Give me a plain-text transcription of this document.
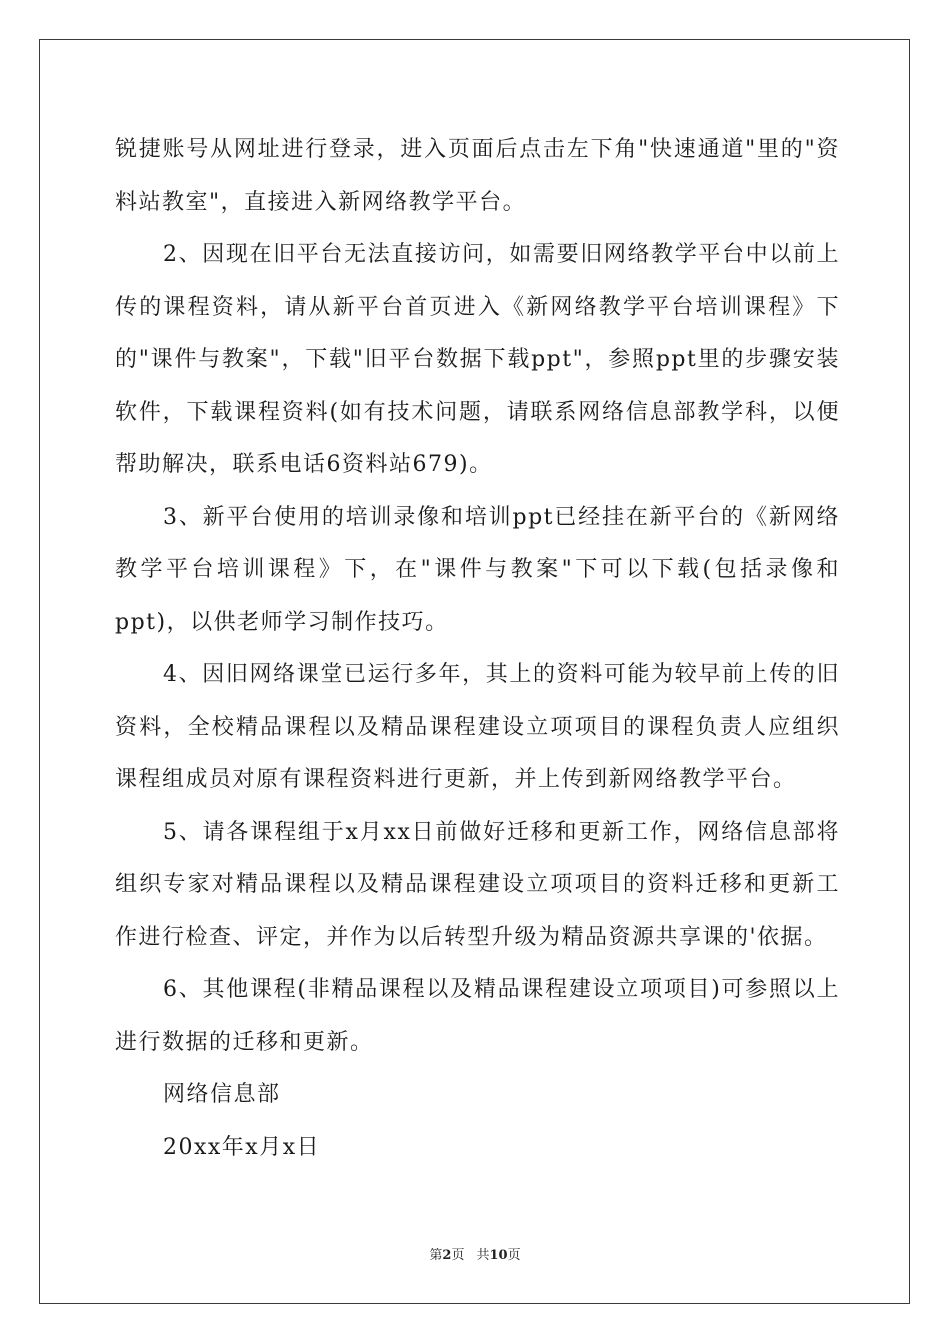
锐捷账号从网址进行登录，进入页面后点击左下角"快速通道"里的"资料站教室"，直接进入新网络教学平台。

2、因现在旧平台无法直接访问，如需要旧网络教学平台中以前上传的课程资料，请从新平台首页进入《新网络教学平台培训课程》下的"课件与教案"，下载"旧平台数据下载ppt"，参照ppt里的步骤安装软件，下载课程资料(如有技术问题，请联系网络信息部教学科，以便帮助解决，联系电话6资料站679)。

3、新平台使用的培训录像和培训ppt已经挂在新平台的《新网络教学平台培训课程》下，在"课件与教案"下可以下载(包括录像和ppt)，以供老师学习制作技巧。

4、因旧网络课堂已运行多年，其上的资料可能为较早前上传的旧资料，全校精品课程以及精品课程建设立项项目的课程负责人应组织课程组成员对原有课程资料进行更新，并上传到新网络教学平台。

5、请各课程组于x月xx日前做好迁移和更新工作，网络信息部将组织专家对精品课程以及精品课程建设立项项目的资料迁移和更新工作进行检查、评定，并作为以后转型升级为精品资源共享课的'依据。

6、其他课程(非精品课程以及精品课程建设立项项目)可参照以上进行数据的迁移和更新。

网络信息部

20xx年x月x日

第2页 共10页
